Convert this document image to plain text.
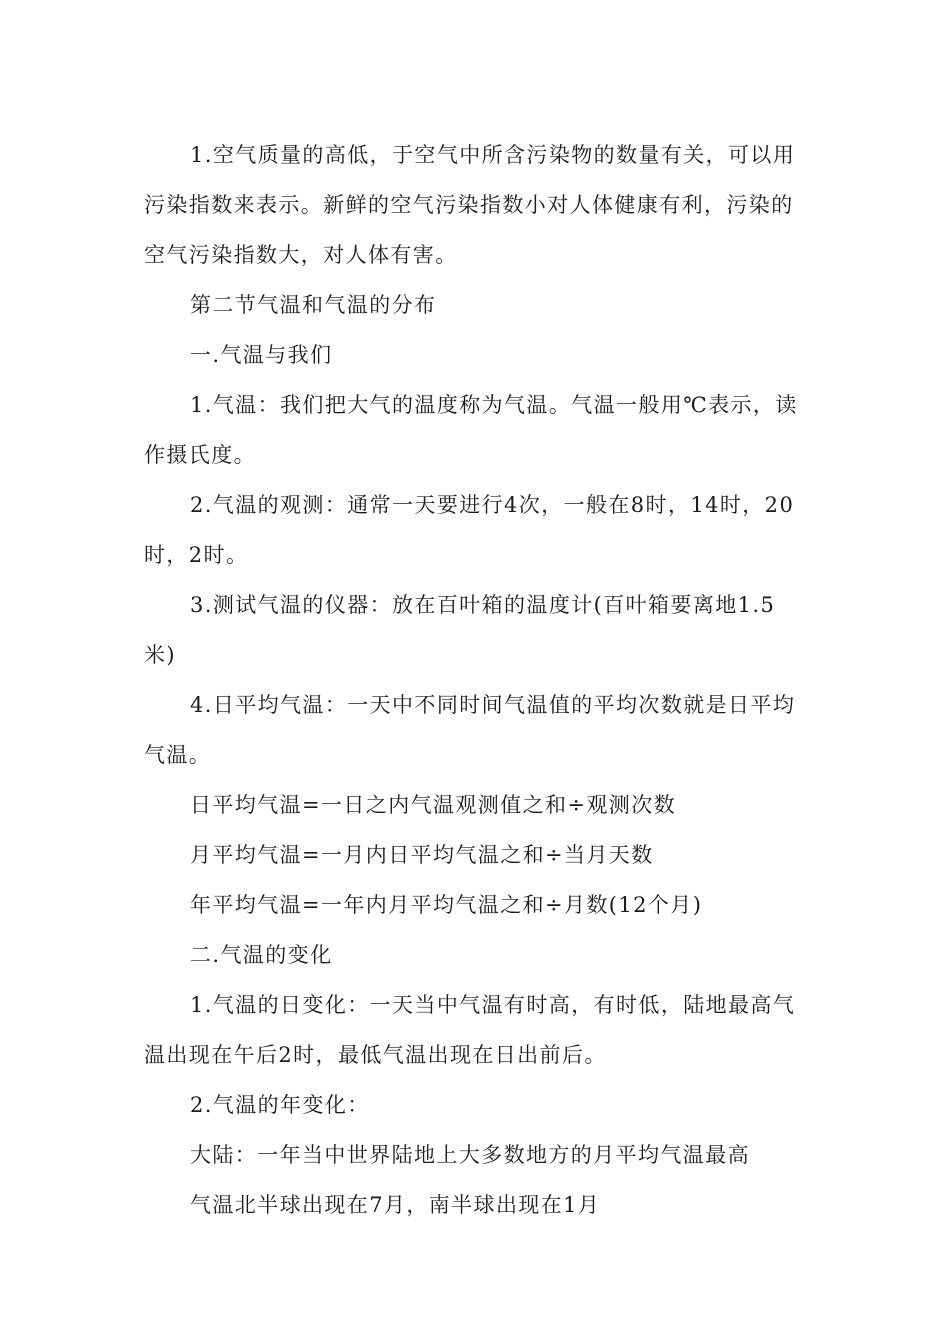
1.空气质量的高低，于空气中所含污染物的数量有关，可以用

污染指数来表示。新鲜的空气污染指数小对人体健康有利，污染的

空气污染指数大，对人体有害。

第二节气温和气温的分布

一.气温与我们

1.气温：我们把大气的温度称为气温。气温一般用℃表示，读

作摄氏度。

2.气温的观测：通常一天要进行4次，一般在8时，14时，20

时，2时。

3.测试气温的仪器：放在百叶箱的温度计(百叶箱要离地1.5

米)

4.日平均气温：一天中不同时间气温值的平均次数就是日平均

气温。

日平均气温=一日之内气温观测值之和÷观测次数

月平均气温=一月内日平均气温之和÷当月天数

年平均气温=一年内月平均气温之和÷月数(12个月)

二.气温的变化

1.气温的日变化：一天当中气温有时高，有时低，陆地最高气

温出现在午后2时，最低气温出现在日出前后。

2.气温的年变化：

大陆：一年当中世界陆地上大多数地方的月平均气温最高

气温北半球出现在7月，南半球出现在1月
